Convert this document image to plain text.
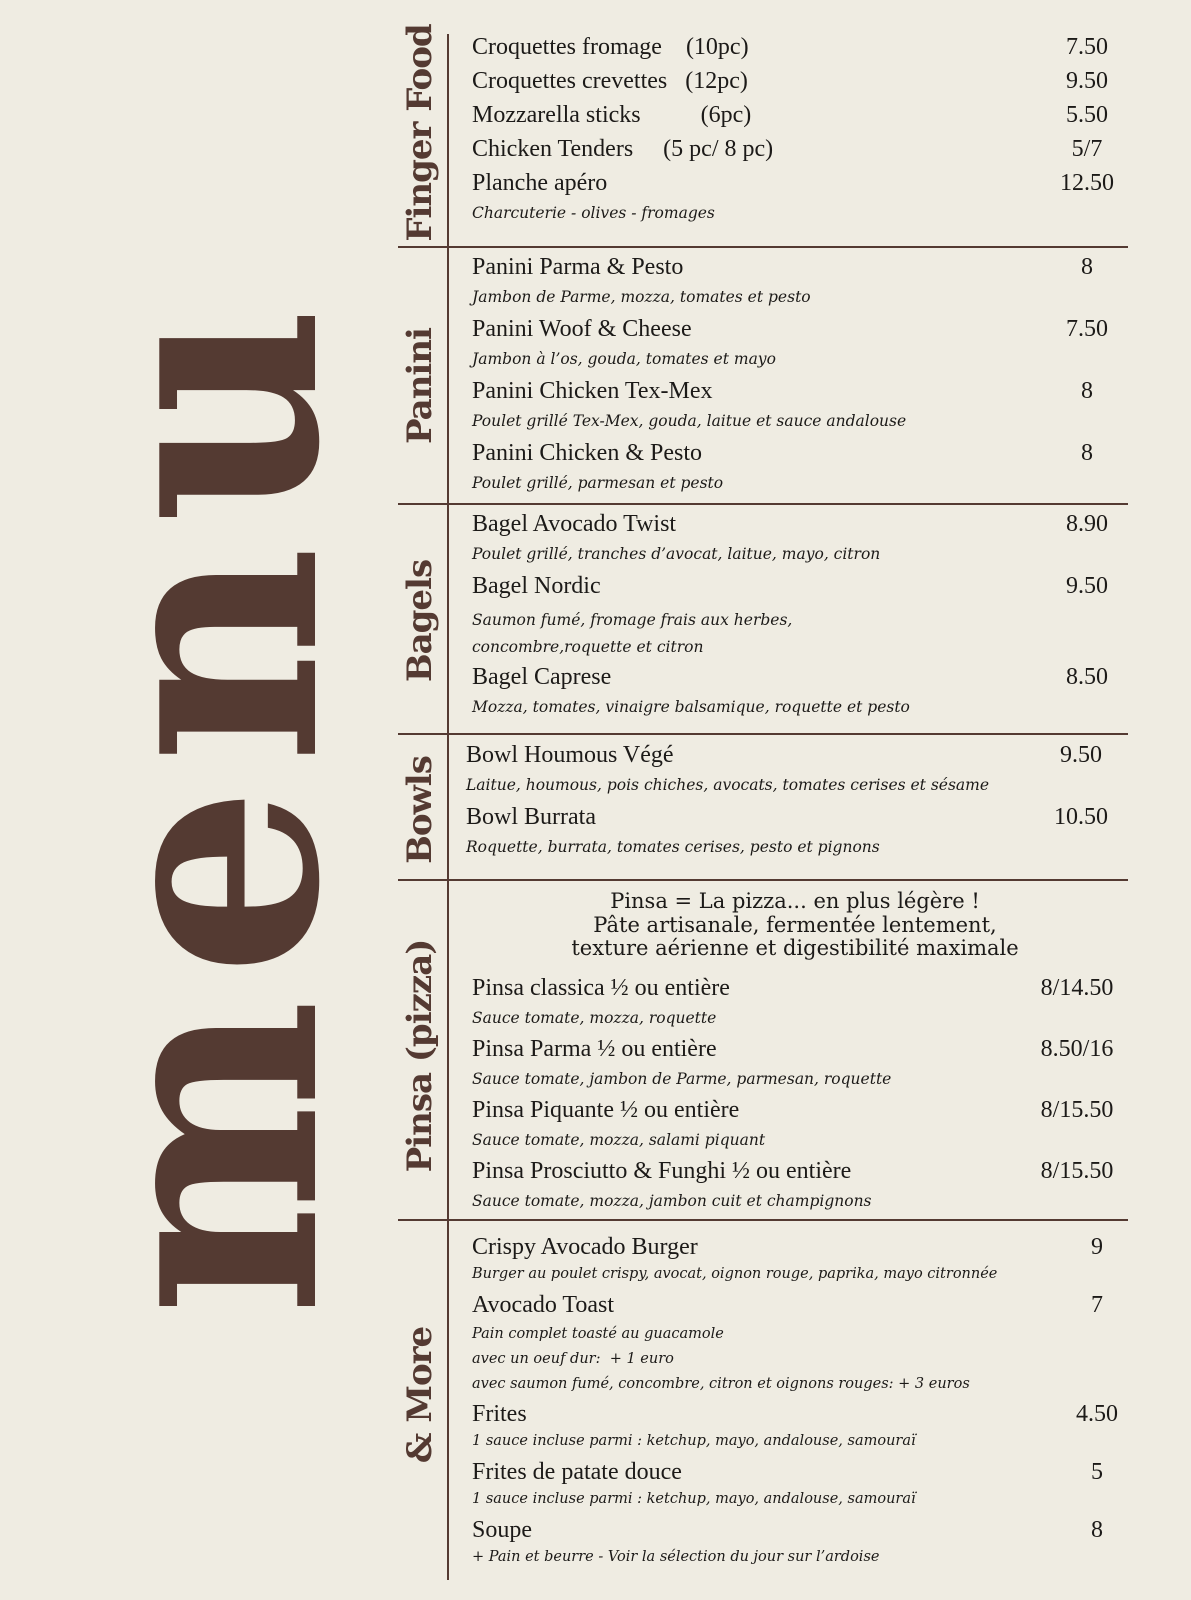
menu
Finger Food
Panini
Bagels
Bowls
Pinsa (pizza)
& More
Croquettes fromage    (10pc)	7.50
Croquettes crevettes   (12pc)	9.50
Mozzarella sticks          (6pc)	5.50
Chicken Tenders     (5 pc/ 8 pc)	5/7
Planche apéro	12.50
Charcuterie - olives - fromages
Panini Parma & Pesto	8
Jambon de Parme, mozza, tomates et pesto
Panini Woof & Cheese	7.50
Jambon à l’os, gouda, tomates et mayo
Panini Chicken Tex-Mex	8
Poulet grillé Tex-Mex, gouda, laitue et sauce andalouse
Panini Chicken & Pesto	8
Poulet grillé, parmesan et pesto
Bagel Avocado Twist	8.90
Poulet grillé, tranches d’avocat, laitue, mayo, citron
Bagel Nordic	9.50
Saumon fumé, fromage frais aux herbes,
concombre,roquette et citron
Bagel Caprese	8.50
Mozza, tomates, vinaigre balsamique, roquette et pesto
Bowl Houmous Végé	9.50
Laitue, houmous, pois chiches, avocats, tomates cerises et sésame
Bowl Burrata	10.50
Roquette, burrata, tomates cerises, pesto et pignons
Pinsa = La pizza... en plus légère !
Pâte artisanale, fermentée lentement,
texture aérienne et digestibilité maximale
Pinsa classica ½ ou entière	8/14.50
Sauce tomate, mozza, roquette
Pinsa Parma ½ ou entière	8.50/16
Sauce tomate, jambon de Parme, parmesan, roquette
Pinsa Piquante ½ ou entière	8/15.50
Sauce tomate, mozza, salami piquant
Pinsa Prosciutto & Funghi ½ ou entière	8/15.50
Sauce tomate, mozza, jambon cuit et champignons
Crispy Avocado Burger	9
Burger au poulet crispy, avocat, oignon rouge, paprika, mayo citronnée
Avocado Toast	7
Pain complet toasté au guacamole
avec un oeuf dur:  + 1 euro
avec saumon fumé, concombre, citron et oignons rouges: + 3 euros
Frites	4.50
1 sauce incluse parmi : ketchup, mayo, andalouse, samouraï
Frites de patate douce	5
1 sauce incluse parmi : ketchup, mayo, andalouse, samouraï
Soupe	8
+ Pain et beurre - Voir la sélection du jour sur l’ardoise
